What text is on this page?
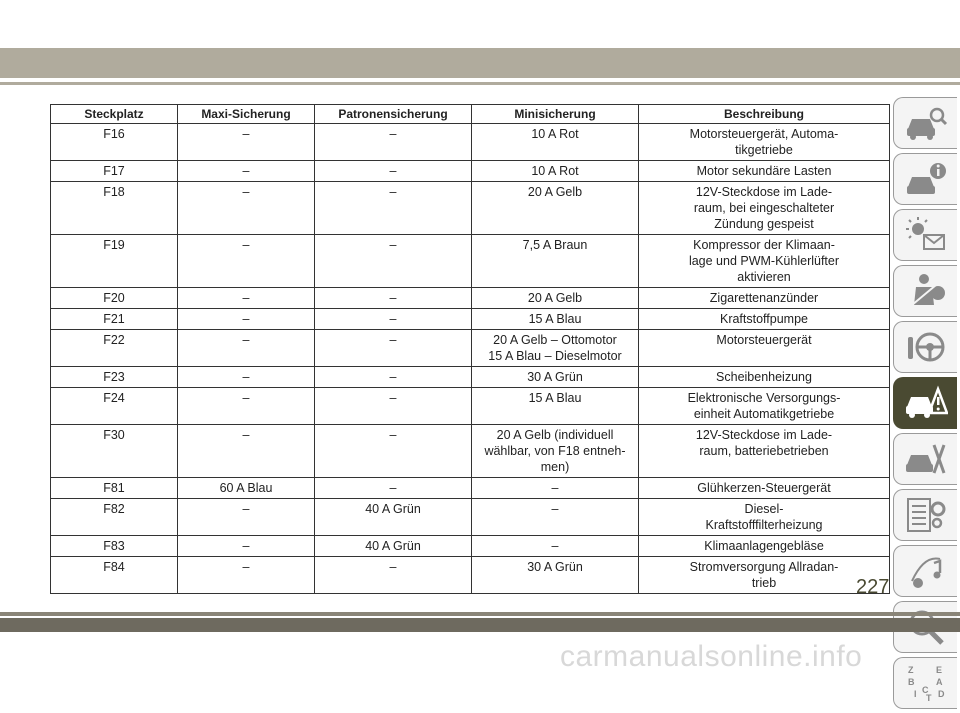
Steckplatz	Maxi-Sicherung	Patronensicherung	Minisicherung	Beschreibung
F16	–	–	10 A Rot	Motorsteuergerät, Automa-
tikgetriebe
F17	–	–	10 A Rot	Motor sekundäre Lasten
F18	–	–	20 A Gelb	12V-Steckdose im Lade-
raum, bei eingeschalteter
Zündung gespeist
F19	–	–	7,5 A Braun	Kompressor der Klimaan-
lage und PWM-Kühlerlüfter
aktivieren
F20	–	–	20 A Gelb	Zigarettenanzünder
F21	–	–	15 A Blau	Kraftstoffpumpe
F22	–	–	20 A Gelb – Ottomotor
15 A Blau – Dieselmotor	Motorsteuergerät
F23	–	–	30 A Grün	Scheibenheizung
F24	–	–	15 A Blau	Elektronische Versorgungs-
einheit Automatikgetriebe
F30	–	–	20 A Gelb (individuell
wählbar, von F18 entneh-
men)	12V-Steckdose im Lade-
raum, batteriebetrieben
F81	60 A Blau	–	–	Glühkerzen-Steuergerät
F82	–	40 A Grün	–	Diesel-
Kraftstofffilterheizung
F83	–	40 A Grün	–	Klimaanlagengebläse
F84	–	–	30 A Grün	Stromversorgung Allradan-
trieb
Z	E
B A
I C
T D
227
carmanualsonline.info
